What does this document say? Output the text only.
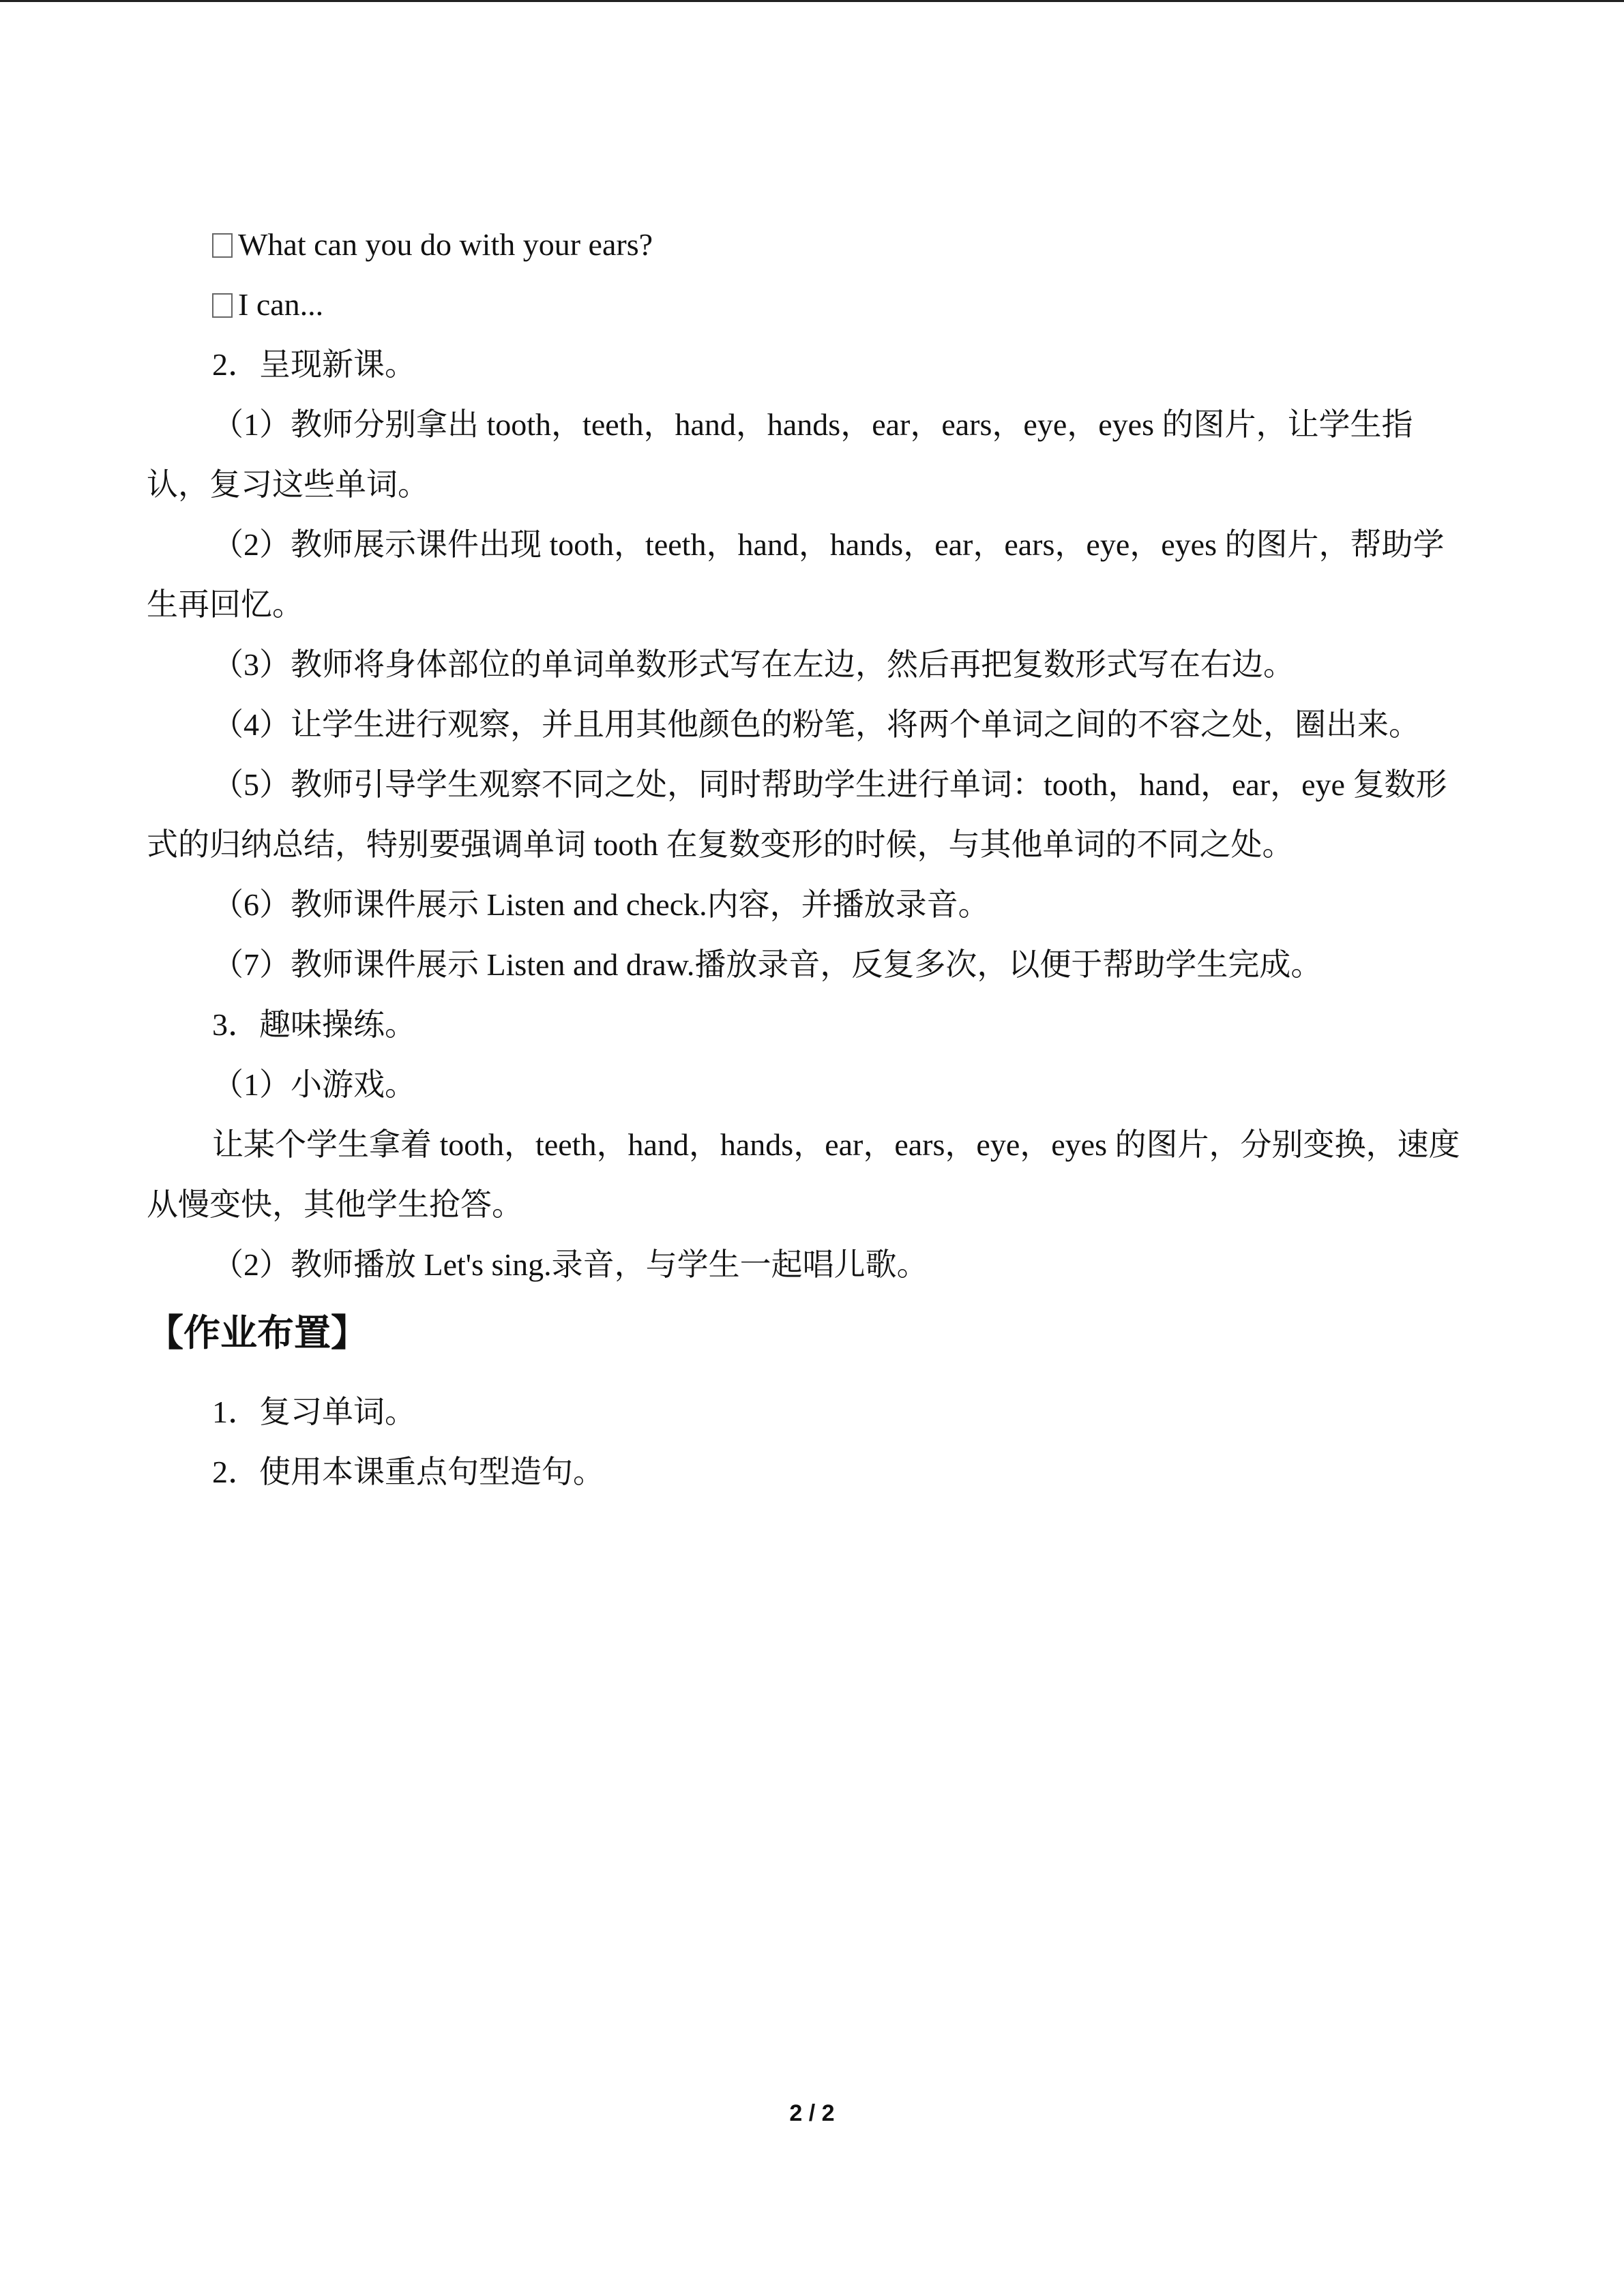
What can you do with your ears?

I can...

2．呈现新课。

（1）教师分别拿出 tooth，teeth，hand，hands，ear，ears，eye，eyes 的图片，让学生指认，复习这些单词。

（2）教师展示课件出现 tooth，teeth，hand，hands，ear，ears，eye，eyes 的图片，帮助学生再回忆。

（3）教师将身体部位的单词单数形式写在左边，然后再把复数形式写在右边。

（4）让学生进行观察，并且用其他颜色的粉笔，将两个单词之间的不容之处，圈出来。

（5）教师引导学生观察不同之处，同时帮助学生进行单词：tooth，hand，ear，eye 复数形式的归纳总结，特别要强调单词 tooth 在复数变形的时候，与其他单词的不同之处。

（6）教师课件展示 Listen and check.内容，并播放录音。

（7）教师课件展示 Listen and draw.播放录音，反复多次，以便于帮助学生完成。

3．趣味操练。

（1）小游戏。

让某个学生拿着 tooth，teeth，hand，hands，ear，ears，eye，eyes 的图片，分别变换，速度从慢变快，其他学生抢答。

（2）教师播放 Let's sing.录音，与学生一起唱儿歌。

【作业布置】

1．复习单词。

2．使用本课重点句型造句。

2 / 2
